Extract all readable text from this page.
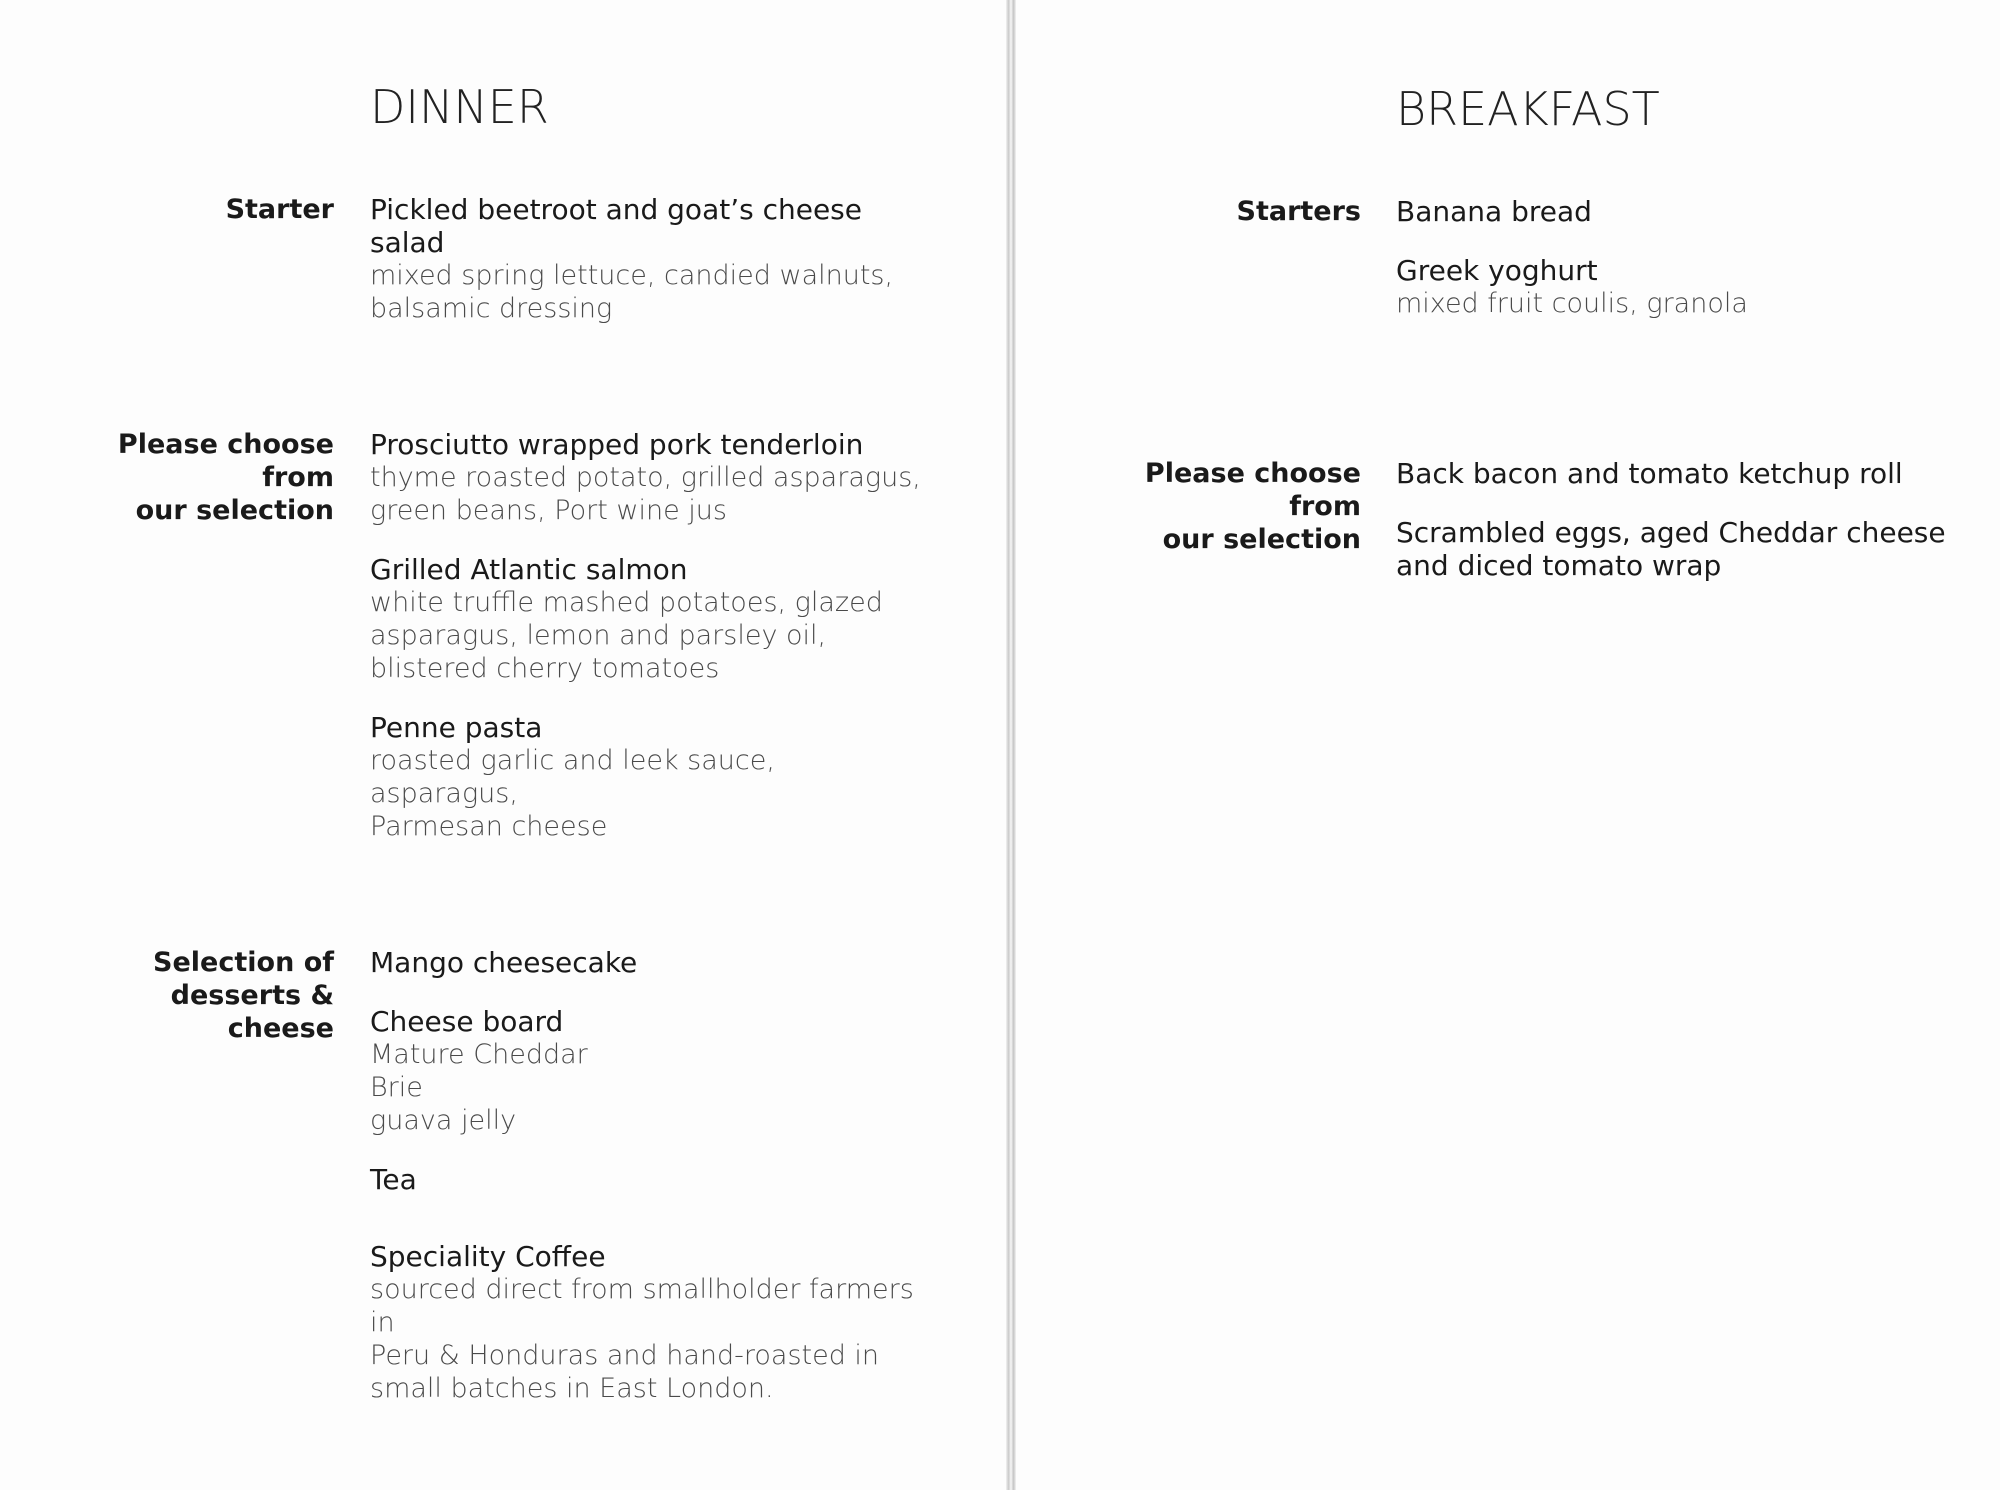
DINNER
Starter Pickled beetroot and goat’s cheese salad
mixed spring lettuce, candied walnuts,
balsamic dressing
Please choose from
our selection
Prosciutto wrapped pork tenderloin
thyme roasted potato, grilled asparagus,
green beans, Port wine jus
Grilled Atlantic salmon
white truffle mashed potatoes, glazed
asparagus, lemon and parsley oil,
blistered cherry tomatoes
Penne pasta
roasted garlic and leek sauce, asparagus,
Parmesan cheese
Selection of
desserts & cheese
Mango cheesecake
Cheese board
Mature Cheddar
Brie
guava jelly
Tea
Speciality Coffee
sourced direct from smallholder farmers in
Peru & Honduras and hand-roasted in
small batches in East London.
BREAKFAST
Starters Banana bread
Greek yoghurt
mixed fruit coulis, granola
Please choose from
our selection
Back bacon and tomato ketchup roll
Scrambled eggs, aged Cheddar cheese
and diced tomato wrap
